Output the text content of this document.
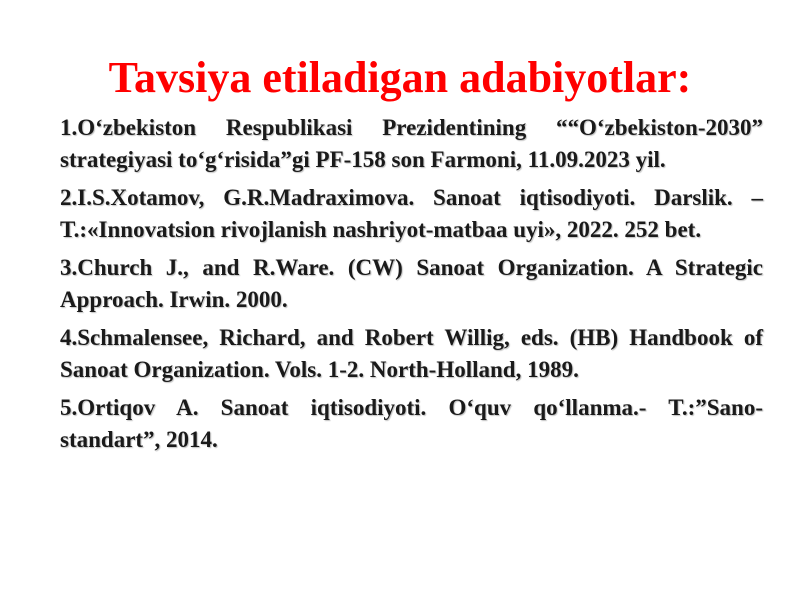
Tavsiya etiladigan adabiyotlar:
1.O‘zbekiston Respublikasi Prezidentining ““O‘zbekiston-2030” strategiyasi to‘g‘risida”gi PF-158 son Farmoni, 11.09.2023 yil.
2.I.S.Xotamov, G.R.Madraximova. Sanoat iqtisodiyoti. Darslik. – T.:«Innovatsion rivojlanish nashriyot-matbaa uyi», 2022. 252 bet.
3.Church J., and R.Ware. (CW) Sanoat Organization. A Strategic Approach. Irwin. 2000.
4.Schmalensee, Richard, and Robert Willig, eds. (HB) Handbook of Sanoat Organization. Vols. 1-2. North-Holland, 1989.
5.Ortiqov A. Sanoat iqtisodiyoti. O‘quv qo‘llanma.- T.:”Sano-standart”, 2014.
